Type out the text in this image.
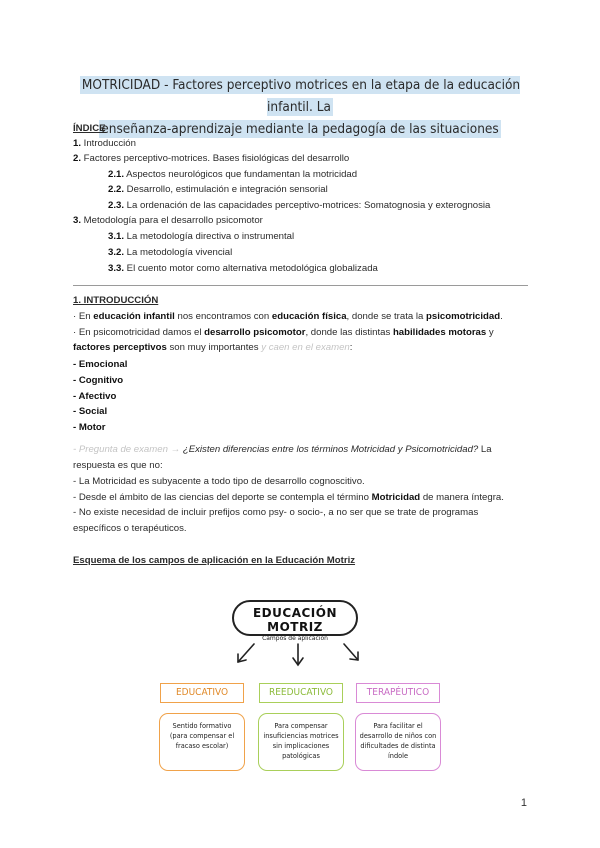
MOTRICIDAD - Factores perceptivo motrices en la etapa de la educación infantil. La
enseñanza-aprendizaje mediante la pedagogía de las situaciones
ÍNDICE
1. Introducción
2. Factores perceptivo-motrices. Bases fisiológicas del desarrollo
2.1. Aspectos neurológicos que fundamentan la motricidad
2.2. Desarrollo, estimulación e integración sensorial
2.3. La ordenación de las capacidades perceptivo-motrices: Somatognosia y exterognosia
3. Metodología para el desarrollo psicomotor
3.1. La metodología directiva o instrumental
3.2. La metodología vivencial
3.3. El cuento motor como alternativa metodológica globalizada
1. INTRODUCCIÓN
· En educación infantil nos encontramos con educación física, donde se trata la psicomotricidad.
· En psicomotricidad damos el desarrollo psicomotor, donde las distintas habilidades motoras y
factores perceptivos son muy importantes y caen en el examen:
- Emocional
- Cognitivo
- Afectivo
- Social
- Motor
- Pregunta de examen → ¿Existen diferencias entre los términos Motricidad y Psicomotricidad? La
respuesta es que no:
- La Motricidad es subyacente a todo tipo de desarrollo cognoscitivo.
- Desde el ámbito de las ciencias del deporte se contempla el término Motricidad de manera íntegra.
- No existe necesidad de incluir prefijos como psy- o socio-, a no ser que se trate de programas
específicos o terapéuticos.
Esquema de los campos de aplicación en la Educación Motriz
EDUCACIÓN MOTRIZ
Campos de aplicación
EDUCATIVO	REEDUCATIVO	TERAPÉUTICO
Sentido formativo (para compensar el fracaso escolar)
Para compensar insuficiencias motrices sin implicaciones patológicas
Para facilitar el desarrollo de niños con dificultades de distinta índole
1
